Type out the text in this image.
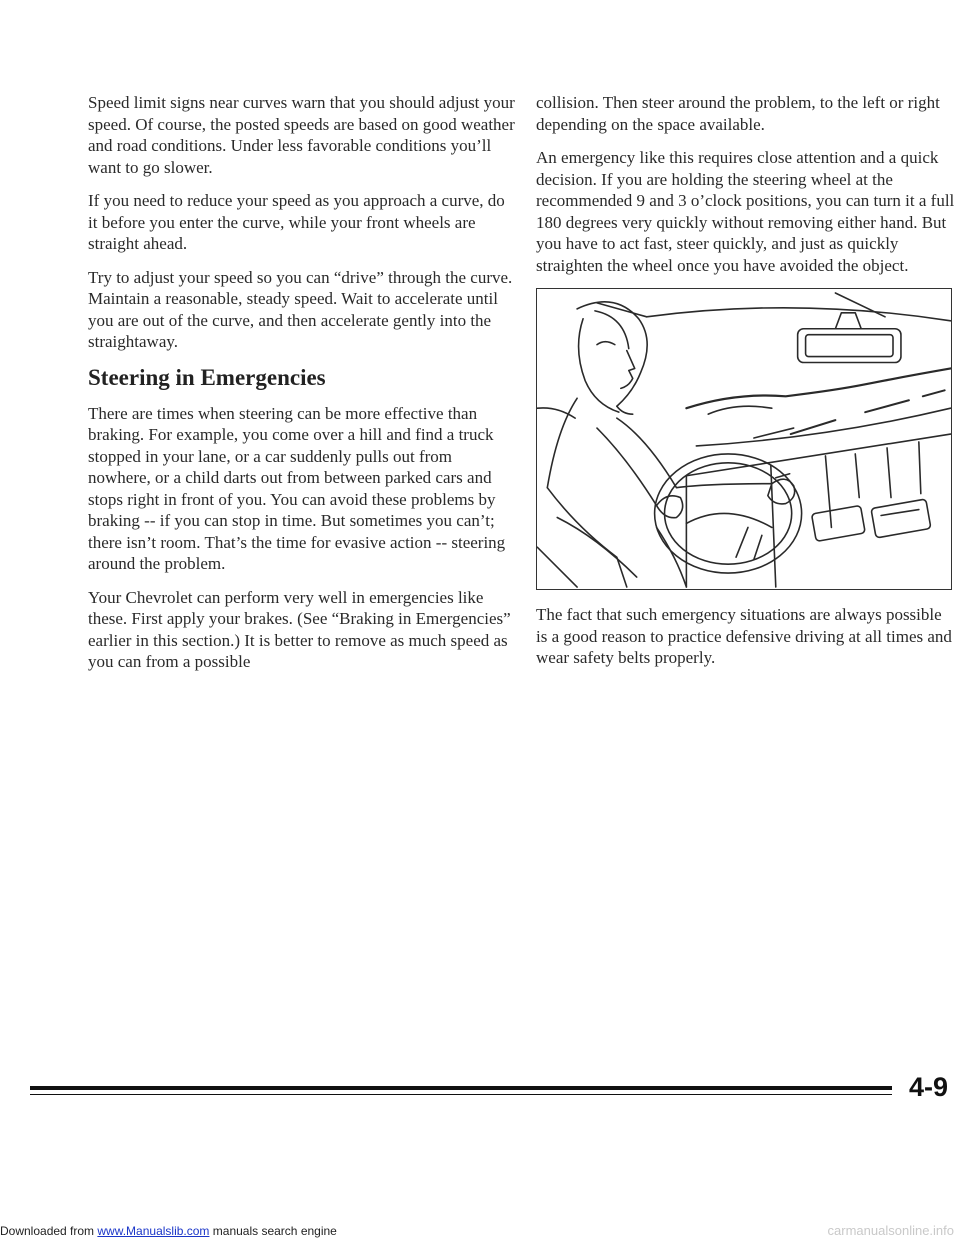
Speed limit signs near curves warn that you should adjust your speed. Of course, the posted speeds are based on good weather and road conditions. Under less favorable conditions you’ll want to go slower.

If you need to reduce your speed as you approach a curve, do it before you enter the curve, while your front wheels are straight ahead.

Try to adjust your speed so you can “drive” through the curve. Maintain a reasonable, steady speed. Wait to accelerate until you are out of the curve, and then accelerate gently into the straightaway.

Steering in Emergencies

There are times when steering can be more effective than braking. For example, you come over a hill and find a truck stopped in your lane, or a car suddenly pulls out from nowhere, or a child darts out from between parked cars and stops right in front of you. You can avoid these problems by braking -- if you can stop in time. But sometimes you can’t; there isn’t room. That’s the time for evasive action -- steering around the problem.

Your Chevrolet can perform very well in emergencies like these. First apply your brakes. (See “Braking in Emergencies” earlier in this section.) It is better to remove as much speed as you can from a possible

collision. Then steer around the problem, to the left or right depending on the space available.

An emergency like this requires close attention and a quick decision. If you are holding the steering wheel at the recommended 9 and 3 o’clock positions, you can turn it a full 180 degrees very quickly without removing either hand. But you have to act fast, steer quickly, and just as quickly straighten the wheel once you have avoided the object.

The fact that such emergency situations are always possible is a good reason to practice defensive driving at all times and wear safety belts properly.

4-9
Downloaded from www.Manualslib.com manuals search engine	carmanualsonline.info
